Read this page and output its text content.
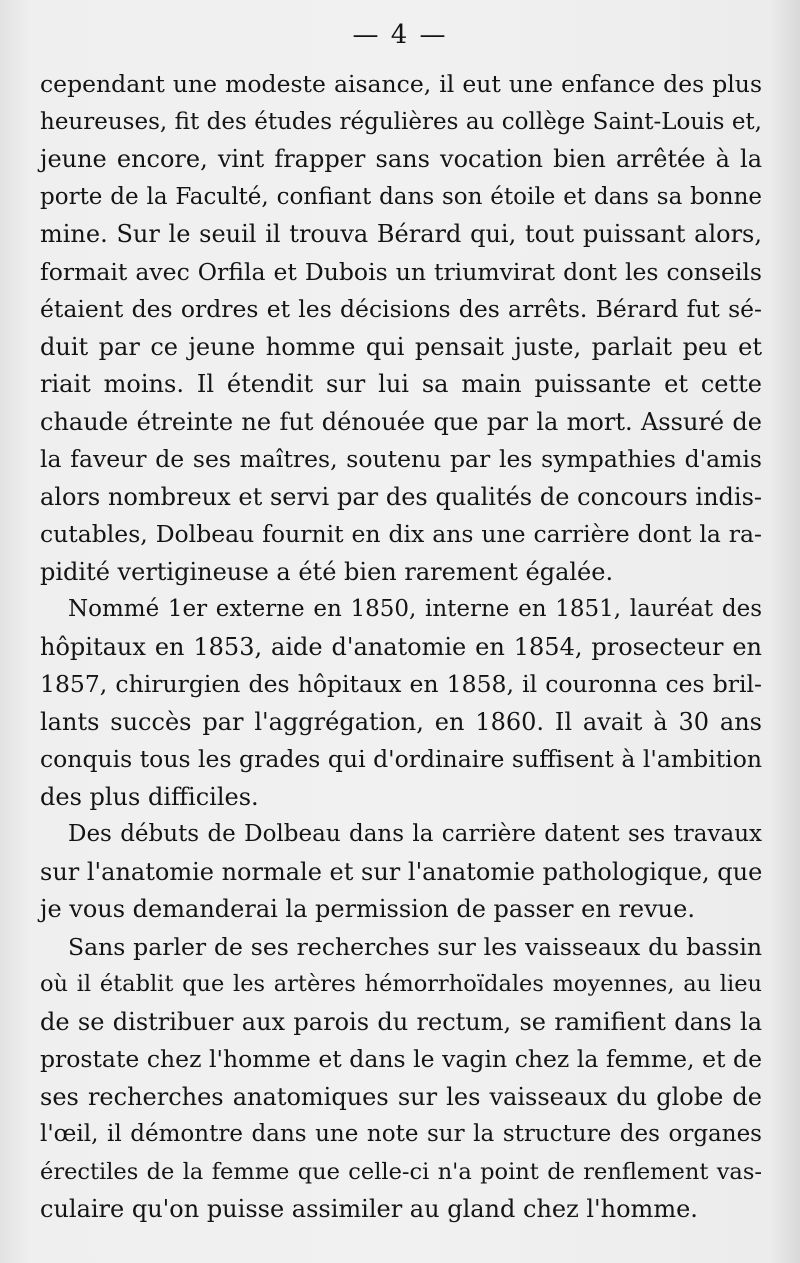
— 4 —
cependant une modeste aisance, il eut une enfance des plus
heureuses, fit des études régulières au collège Saint-Louis et,
jeune encore, vint frapper sans vocation bien arrêtée à la
porte de la Faculté, confiant dans son étoile et dans sa bonne
mine. Sur le seuil il trouva Bérard qui, tout puissant alors,
formait avec Orfila et Dubois un triumvirat dont les conseils
étaient des ordres et les décisions des arrêts. Bérard fut sé-
duit par ce jeune homme qui pensait juste, parlait peu et
riait moins. Il étendit sur lui sa main puissante et cette
chaude étreinte ne fut dénouée que par la mort. Assuré de
la faveur de ses maîtres, soutenu par les sympathies d'amis
alors nombreux et servi par des qualités de concours indis-
cutables, Dolbeau fournit en dix ans une carrière dont la ra-
pidité vertigineuse a été bien rarement égalée.
Nommé 1er externe en 1850, interne en 1851, lauréat des
hôpitaux en 1853, aide d'anatomie en 1854, prosecteur en
1857, chirurgien des hôpitaux en 1858, il couronna ces bril-
lants succès par l'aggrégation, en 1860. Il avait à 30 ans
conquis tous les grades qui d'ordinaire suffisent à l'ambition
des plus difficiles.
Des débuts de Dolbeau dans la carrière datent ses travaux
sur l'anatomie normale et sur l'anatomie pathologique, que
je vous demanderai la permission de passer en revue.
Sans parler de ses recherches sur les vaisseaux du bassin
où il établit que les artères hémorrhoïdales moyennes, au lieu
de se distribuer aux parois du rectum, se ramifient dans la
prostate chez l'homme et dans le vagin chez la femme, et de
ses recherches anatomiques sur les vaisseaux du globe de
l'œil, il démontre dans une note sur la structure des organes
érectiles de la femme que celle-ci n'a point de renflement vas-
culaire qu'on puisse assimiler au gland chez l'homme.
